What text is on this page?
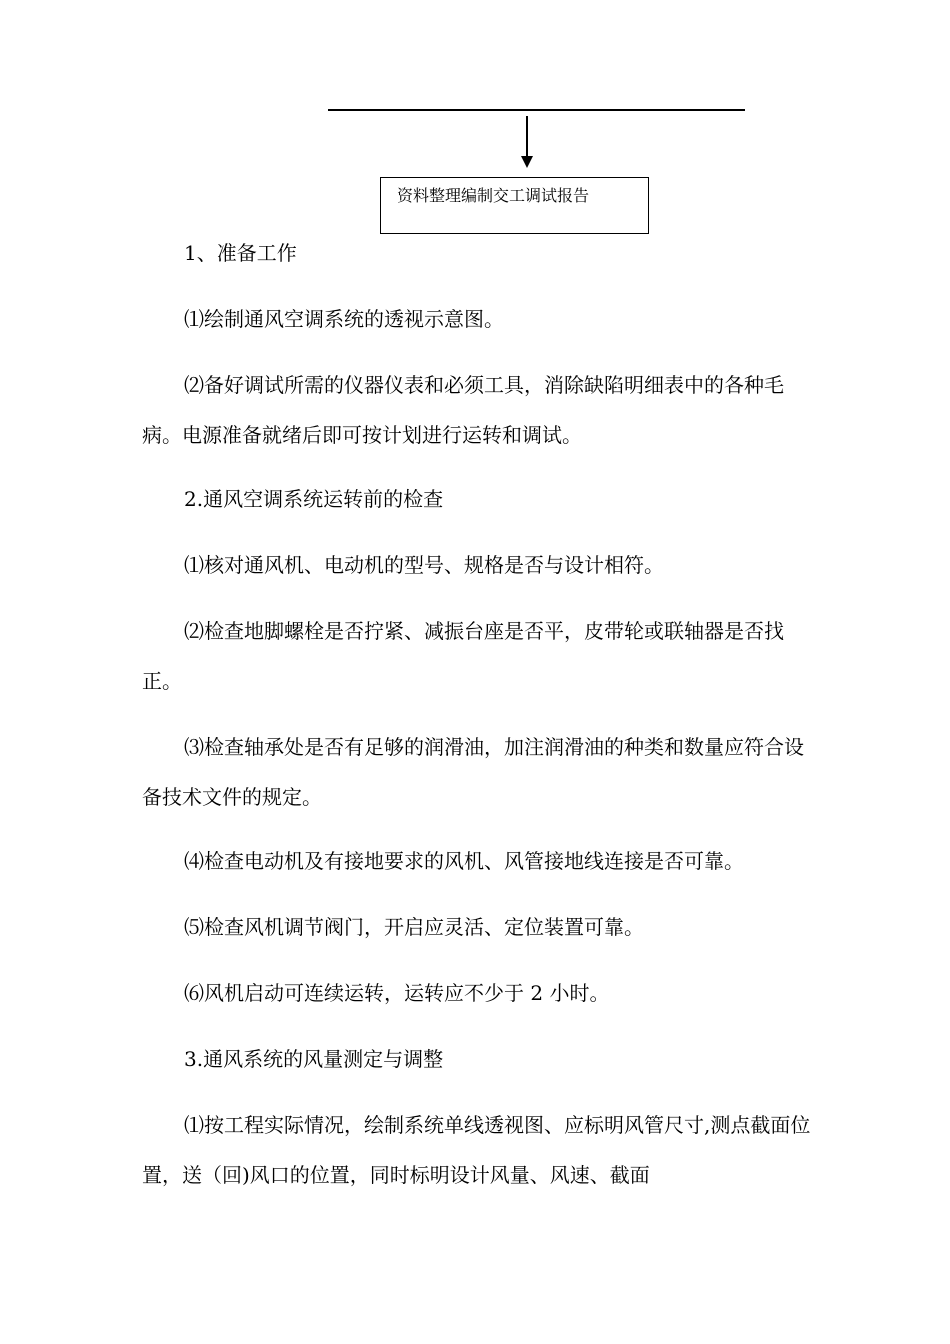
资料整理编制交工调试报告

1、准备工作

⑴绘制通风空调系统的透视示意图。

⑵备好调试所需的仪器仪表和必须工具，消除缺陷明细表中的各种毛病。电源准备就绪后即可按计划进行运转和调试。

2.通风空调系统运转前的检查

⑴核对通风机、电动机的型号、规格是否与设计相符。

⑵检查地脚螺栓是否拧紧、减振台座是否平，皮带轮或联轴器是否找正。

⑶检查轴承处是否有足够的润滑油，加注润滑油的种类和数量应符合设备技术文件的规定。

⑷检查电动机及有接地要求的风机、风管接地线连接是否可靠。

⑸检查风机调节阀门，开启应灵活、定位装置可靠。

⑹风机启动可连续运转，运转应不少于 2 小时。

3.通风系统的风量测定与调整

⑴按工程实际情况，绘制系统单线透视图、应标明风管尺寸,测点截面位置，送（回)风口的位置，同时标明设计风量、风速、截面
